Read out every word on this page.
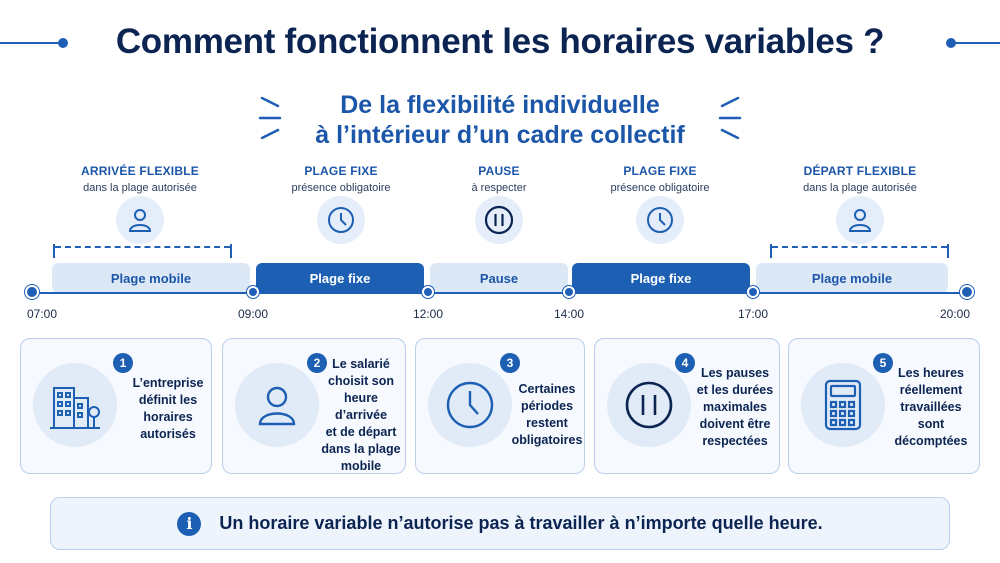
Comment fonctionnent les horaires variables ?
De la flexibilité individuelle
à l’intérieur d’un cadre collectif
ARRIVÉE FLEXIBLE
dans la plage autorisée
PLAGE FIXE
présence obligatoire
PAUSE
à respecter
PLAGE FIXE
présence obligatoire
DÉPART FLEXIBLE
dans la plage autorisée
Plage mobile	Plage fixe	Pause	Plage fixe	Plage mobile
07:00	09:00	12:00	14:00	17:00	20:00
1
L’entreprise
définit les
horaires
autorisés
2 Le salarié
choisit son
heure d’arrivée
et de départ
dans la plage
mobile
3
Certaines
périodes
restent
obligatoires
4
Les pauses
et les durées
maximales
doivent être
respectées
5
Les heures
réellement
travaillées
sont
décomptées
i	Un horaire variable n’autorise pas à travailler à n’importe quelle heure.
